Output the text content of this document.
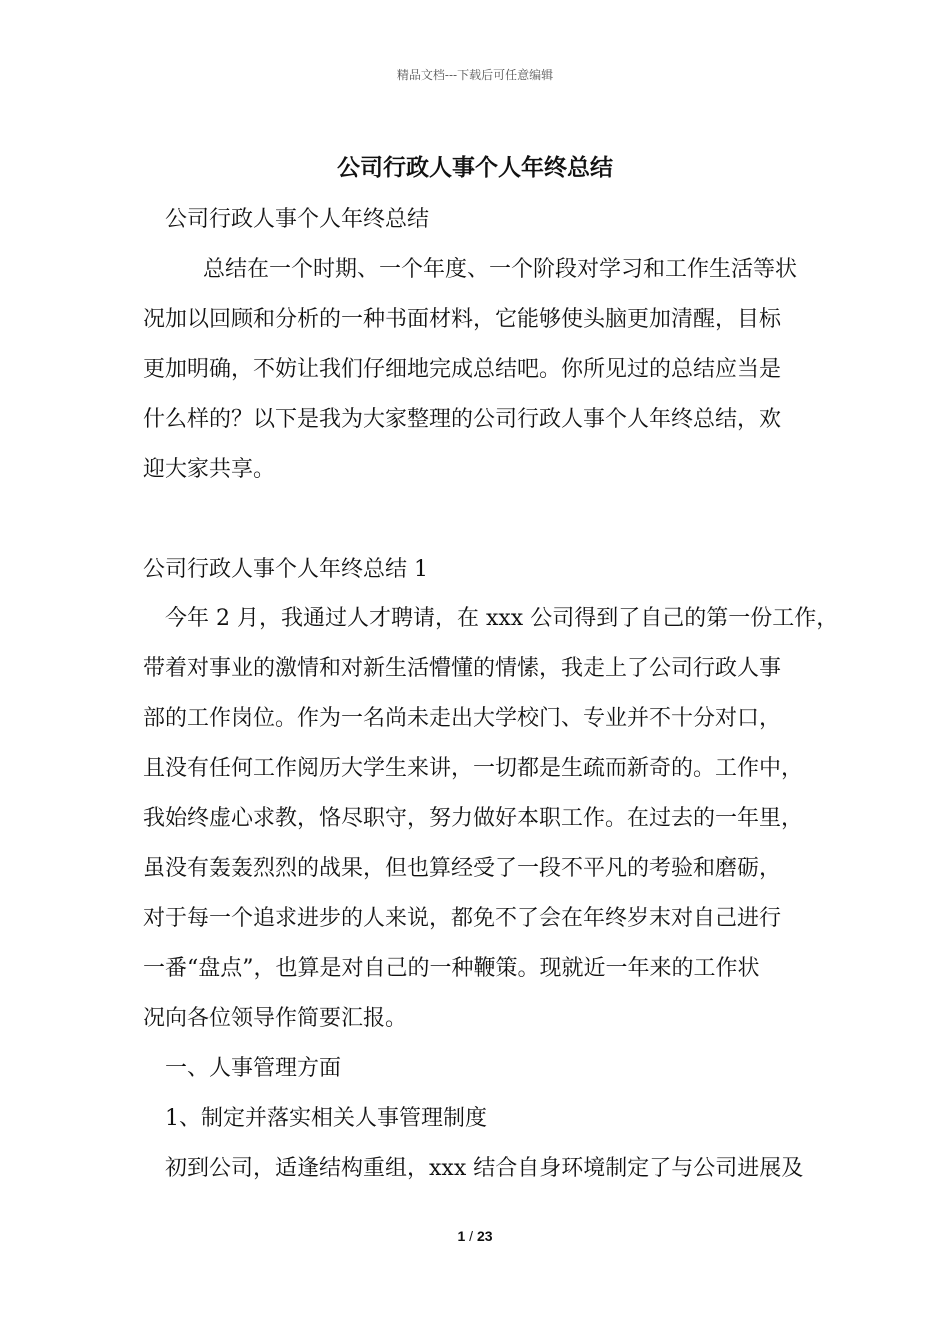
精品文档---下载后可任意编辑
公司行政人事个人年终总结
公司行政人事个人年终总结
总结在一个时期、一个年度、一个阶段对学习和工作生活等状
况加以回顾和分析的一种书面材料，它能够使头脑更加清醒，目标
更加明确，不妨让我们仔细地完成总结吧。你所见过的总结应当是
什么样的？以下是我为大家整理的公司行政人事个人年终总结，欢
迎大家共享。
公司行政人事个人年终总结 1
今年 2 月，我通过人才聘请，在 xxx 公司得到了自己的第一份工作，
带着对事业的激情和对新生活懵懂的情愫，我走上了公司行政人事
部的工作岗位。作为一名尚未走出大学校门、专业并不十分对口，
且没有任何工作阅历大学生来讲，一切都是生疏而新奇的。工作中，
我始终虚心求教，恪尽职守，努力做好本职工作。在过去的一年里，
虽没有轰轰烈烈的战果，但也算经受了一段不平凡的考验和磨砺，
对于每一个追求进步的人来说，都免不了会在年终岁末对自己进行
一番“盘点”，也算是对自己的一种鞭策。现就近一年来的工作状
况向各位领导作简要汇报。
一、人事管理方面
1、制定并落实相关人事管理制度
初到公司，适逢结构重组，xxx 结合自身环境制定了与公司进展及
1 / 23
